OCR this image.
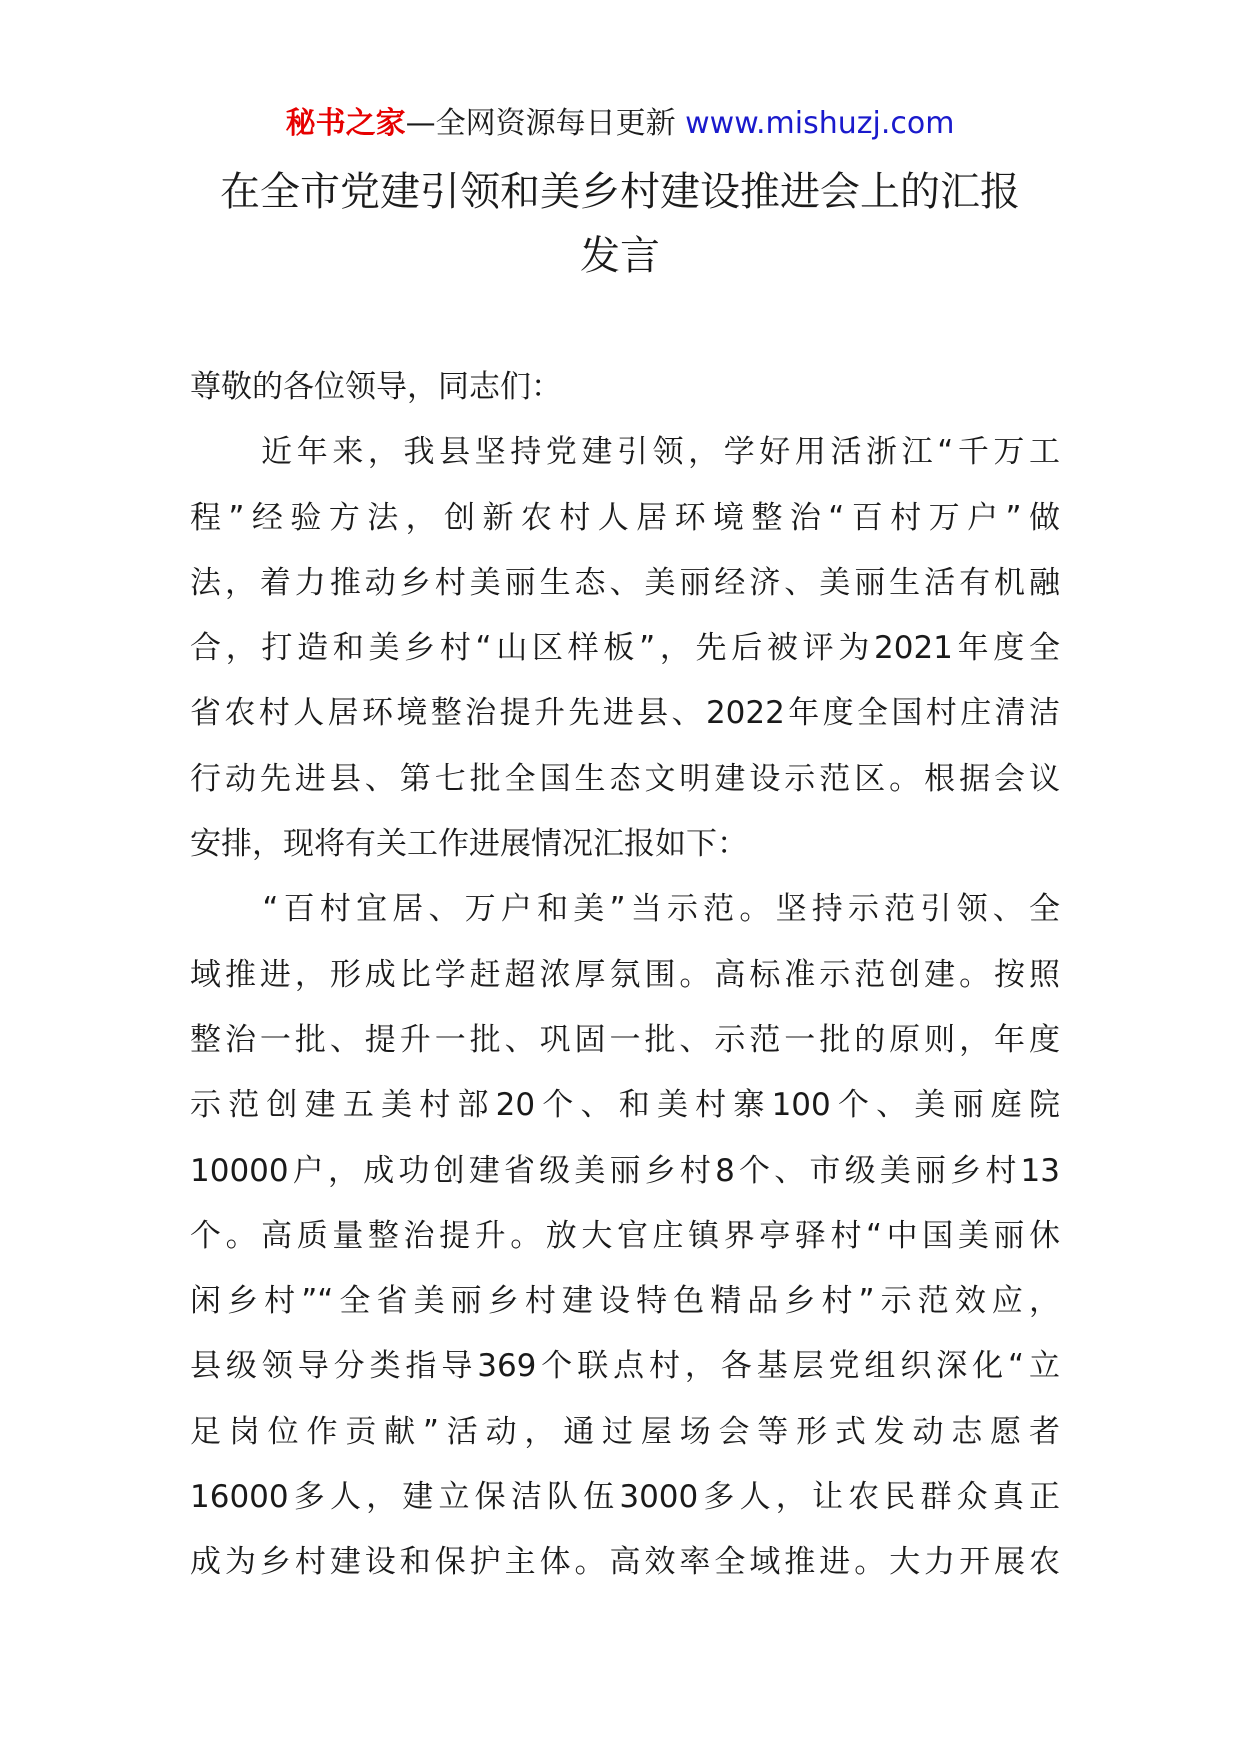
秘书之家—全网资源每日更新 www.mishuzj.com
在全市党建引领和美乡村建设推进会上的汇报
发言
尊敬的各位领导，同志们：
　　近年来，我县坚持党建引领，学好用活浙江“千万工
程”经验方法，创新农村人居环境整治“百村万户”做
法，着力推动乡村美丽生态、美丽经济、美丽生活有机融
合，打造和美乡村“山区样板”，先后被评为2021年度全
省农村人居环境整治提升先进县、2022年度全国村庄清洁
行动先进县、第七批全国生态文明建设示范区。根据会议
安排，现将有关工作进展情况汇报如下：
　　“百村宜居、万户和美”当示范。坚持示范引领、全
域推进，形成比学赶超浓厚氛围。高标准示范创建。按照
整治一批、提升一批、巩固一批、示范一批的原则，年度
示范创建五美村部20个、和美村寨100个、美丽庭院
10000户，成功创建省级美丽乡村8个、市级美丽乡村13
个。高质量整治提升。放大官庄镇界亭驿村“中国美丽休
闲乡村”“全省美丽乡村建设特色精品乡村”示范效应，
县级领导分类指导369个联点村，各基层党组织深化“立
足岗位作贡献”活动，通过屋场会等形式发动志愿者
16000多人，建立保洁队伍3000多人，让农民群众真正
成为乡村建设和保护主体。高效率全域推进。大力开展农
